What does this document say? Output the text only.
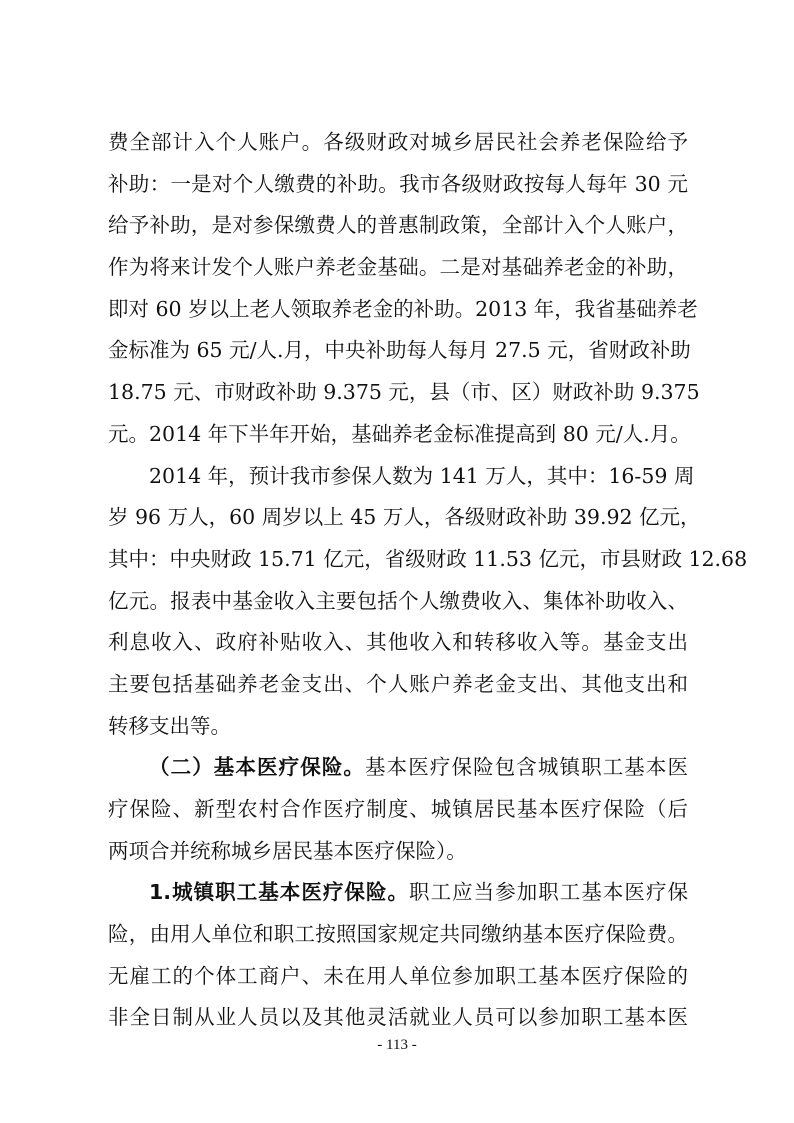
费全部计入个人账户。各级财政对城乡居民社会养老保险给予
补助：一是对个人缴费的补助。我市各级财政按每人每年 30 元
给予补助，是对参保缴费人的普惠制政策，全部计入个人账户，
作为将来计发个人账户养老金基础。二是对基础养老金的补助，
即对 60 岁以上老人领取养老金的补助。2013 年，我省基础养老
金标准为 65 元/人.月，中央补助每人每月 27.5 元，省财政补助
18.75 元、市财政补助 9.375 元，县（市、区）财政补助 9.375
元。2014 年下半年开始，基础养老金标准提高到 80 元/人.月。
2014 年，预计我市参保人数为 141 万人，其中：16-59 周
岁 96 万人，60 周岁以上 45 万人，各级财政补助 39.92 亿元，
其中：中央财政 15.71 亿元，省级财政 11.53 亿元，市县财政 12.68
亿元。报表中基金收入主要包括个人缴费收入、集体补助收入、
利息收入、政府补贴收入、其他收入和转移收入等。基金支出
主要包括基础养老金支出、个人账户养老金支出、其他支出和
转移支出等。
（二）基本医疗保险。基本医疗保险包含城镇职工基本医
疗保险、新型农村合作医疗制度、城镇居民基本医疗保险（后
两项合并统称城乡居民基本医疗保险）。
1.城镇职工基本医疗保险。职工应当参加职工基本医疗保
险，由用人单位和职工按照国家规定共同缴纳基本医疗保险费。
无雇工的个体工商户、未在用人单位参加职工基本医疗保险的
非全日制从业人员以及其他灵活就业人员可以参加职工基本医
- 113 -
